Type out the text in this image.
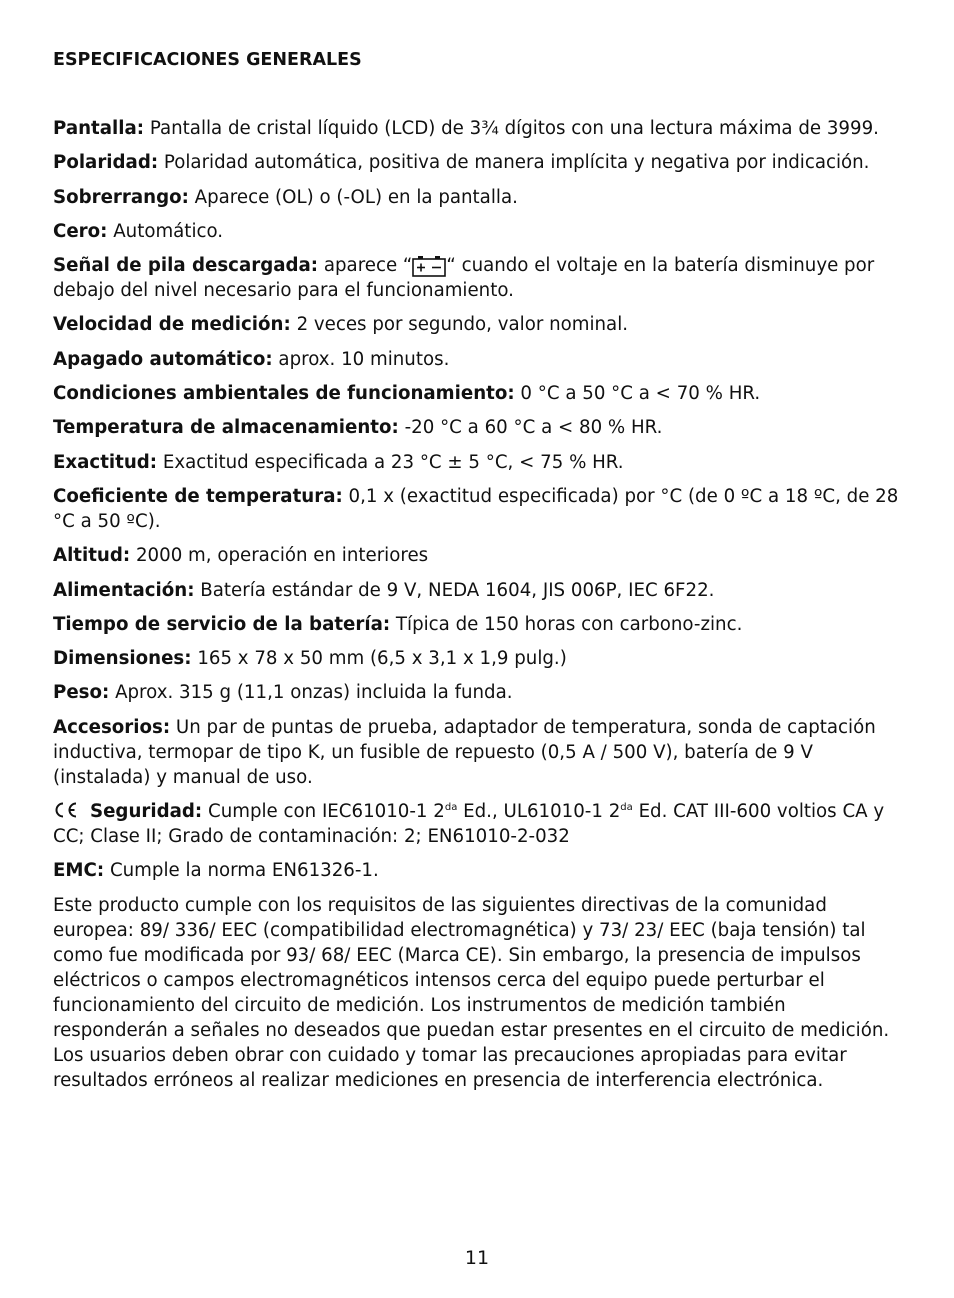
ESPECIFICACIONES GENERALES

Pantalla: Pantalla de cristal líquido (LCD) de 3¾ dígitos con una lectura máxima de 3999.

Polaridad: Polaridad automática, positiva de manera implícita y negativa por indicación.

Sobrerrango: Aparece (OL) o (-OL) en la pantalla.

Cero: Automático.

Señal de pila descargada: aparece “ “ cuando el voltaje en la batería disminuye por debajo del nivel necesario para el funcionamiento.

Velocidad de medición: 2 veces por segundo, valor nominal.

Apagado automático: aprox. 10 minutos.

Condiciones ambientales de funcionamiento: 0 °C a 50 °C a < 70 % HR.

Temperatura de almacenamiento: -20 °C a 60 °C a < 80 % HR.

Exactitud: Exactitud especificada a 23 °C ± 5 °C, < 75 % HR.

Coeficiente de temperatura: 0,1 x (exactitud especificada) por °C (de 0 ºC a 18 ºC, de 28 °C a 50 ºC).

Altitud: 2000 m, operación en interiores

Alimentación: Batería estándar de 9 V, NEDA 1604, JIS 006P, IEC 6F22.

Tiempo de servicio de la batería: Típica de 150 horas con carbono-zinc.

Dimensiones: 165 x 78 x 50 mm (6,5 x 3,1 x 1,9 pulg.)

Peso: Aprox. 315 g (11,1 onzas) incluida la funda.

Accesorios: Un par de puntas de prueba, adaptador de temperatura, sonda de captación inductiva, termopar de tipo K, un fusible de repuesto (0,5 A / 500 V), batería de 9 V (instalada) y manual de uso.

Seguridad: Cumple con IEC61010-1 $2^{da}$ Ed., UL61010-1 $2^{da}$ Ed. CAT III-600 voltios CA y CC; Clase II; Grado de contaminación: 2; EN61010-2-032

EMC: Cumple la norma EN61326-1.

Este producto cumple con los requisitos de las siguientes directivas de la comunidad europea: 89/ 336/ EEC (compatibilidad electromagnética) y 73/ 23/ EEC (baja tensión) tal como fue modificada por 93/ 68/ EEC (Marca CE). Sin embargo, la presencia de impulsos eléctricos o campos electromagnéticos intensos cerca del equipo puede perturbar el funcionamiento del circuito de medición. Los instrumentos de medición también responderán a señales no deseados que puedan estar presentes en el circuito de medición. Los usuarios deben obrar con cuidado y tomar las precauciones apropiadas para evitar resultados erróneos al realizar mediciones en presencia de interferencia electrónica.

11
